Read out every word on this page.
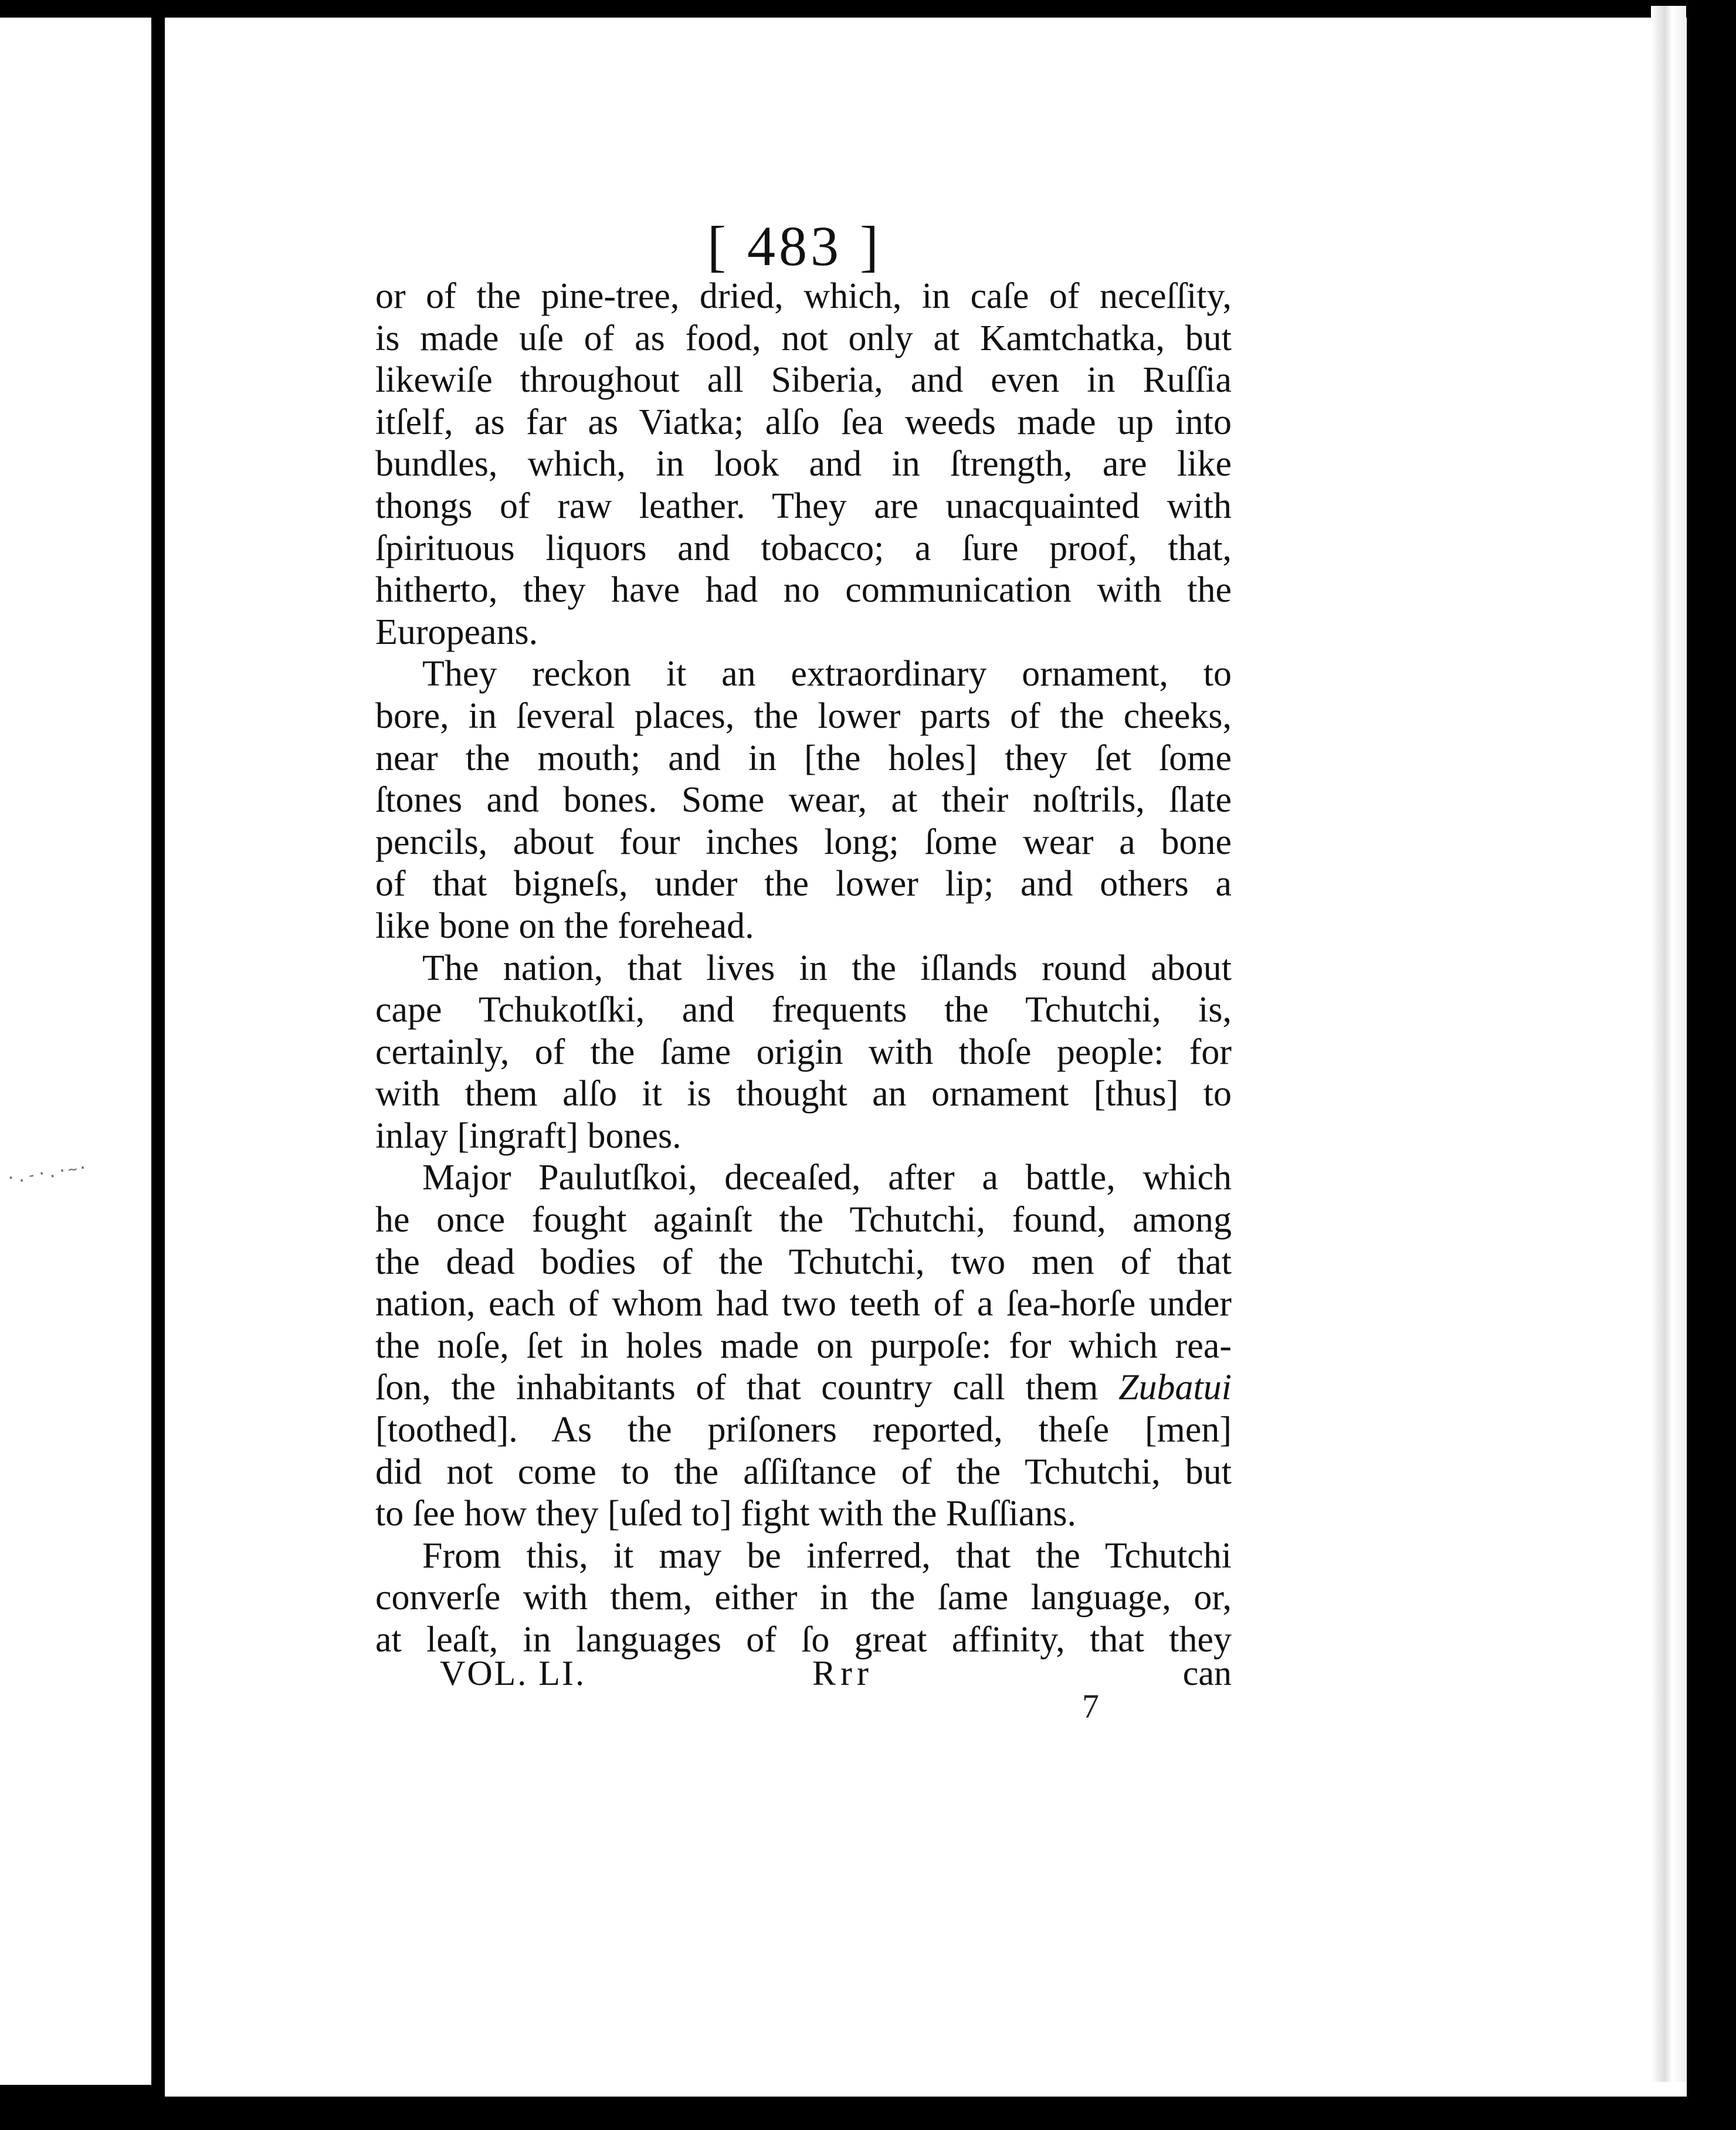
·.-·.·~·
[ 483 ]
or of the pine-tree, dried, which, in caſe of neceſſity,
is made uſe of as food, not only at Kamtchatka, but
likewiſe throughout all Siberia, and even in Ruſſia
itſelf, as far as Viatka; alſo ſea weeds made up into
bundles, which, in look and in ſtrength, are like
thongs of raw leather. They are unacquainted with
ſpirituous liquors and tobacco; a ſure proof, that,
hitherto, they have had no communication with the
Europeans.
They reckon it an extraordinary ornament, to
bore, in ſeveral places, the lower parts of the cheeks,
near the mouth; and in [the holes] they ſet ſome
ſtones and bones. Some wear, at their noſtrils, ſlate
pencils, about four inches long; ſome wear a bone
of that bigneſs, under the lower lip; and others a
like bone on the forehead.
The nation, that lives in the iſlands round about
cape Tchukotſki, and frequents the Tchutchi, is,
certainly, of the ſame origin with thoſe people: for
with them alſo it is thought an ornament [thus] to
inlay [ingraft] bones.
Major Paulutſkoi, deceaſed, after a battle, which
he once fought againſt the Tchutchi, found, among
the dead bodies of the Tchutchi, two men of that
nation, each of whom had two teeth of a ſea-horſe under
the noſe, ſet in holes made on purpoſe: for which rea-
ſon, the inhabitants of that country call them Zubatui
[toothed]. As the priſoners reported, theſe [men]
did not come to the aſſiſtance of the Tchutchi, but
to ſee how they [uſed to] fight with the Ruſſians.
From this, it may be inferred, that the Tchutchi
converſe with them, either in the ſame language, or,
at leaſt, in languages of ſo great affinity, that they
VOL. LI.	Rrr	can
7
